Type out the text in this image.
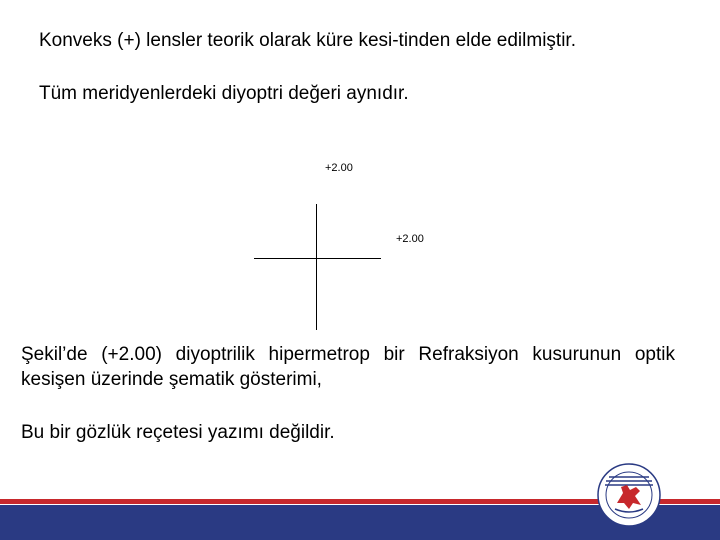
Konveks (+) lensler teorik olarak küre kesi-tinden elde edilmiştir.
Tüm meridyenlerdeki diyoptri değeri aynıdır.
+2.00
+2.00
Şekil’de (+2.00) diyoptrilik hipermetrop bir Refraksiyon kusurunun optik kesişen üzerinde şematik gösterimi,
Bu bir gözlük reçetesi yazımı değildir.
